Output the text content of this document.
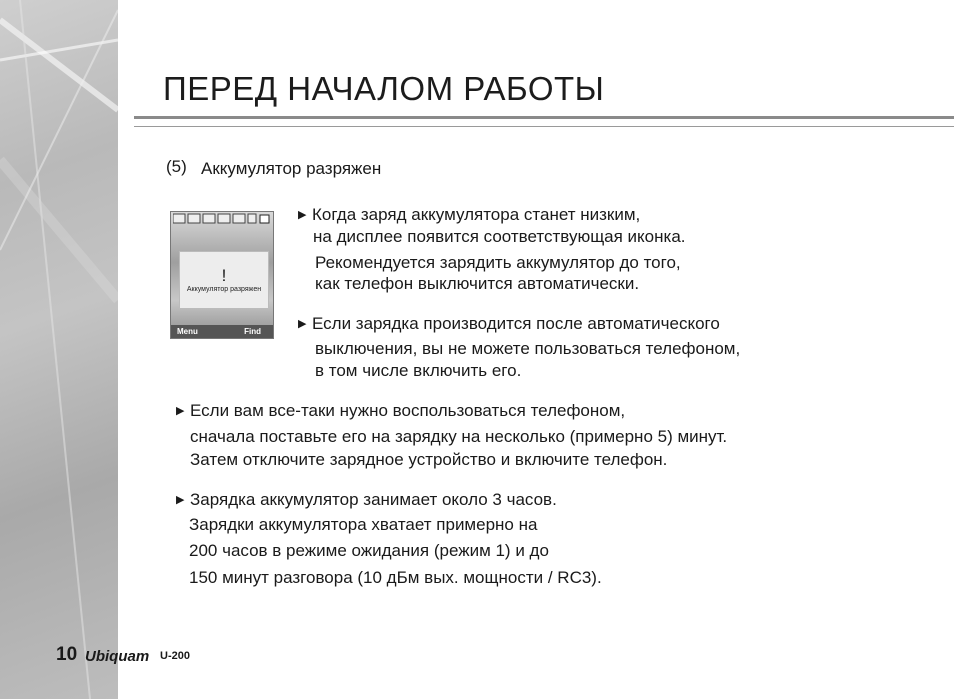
ПЕРЕД НАЧАЛОМ РАБОТЫ
(5) Аккумулятор разряжен
!
Аккумулятор разряжен
Menu	Find
▶ Когда заряд аккумулятора станет низким,
на дисплее появится соответствующая иконка.
Рекомендуется зарядить аккумулятор до того,
как телефон выключится автоматически.
▶ Если зарядка производится после автоматического
выключения, вы не можете пользоваться телефоном,
в том числе включить его.
▶ Если вам все-таки нужно воспользоваться телефоном,
сначала поставьте его на зарядку на несколько (примерно 5) минут.
Затем отключите зарядное устройство и включите телефон.
▶ Зарядка аккумулятор занимает около 3 часов.
Зарядки аккумулятора хватает примерно на
200 часов в режиме ожидания (режим 1) и до
150 минут разговора (10 дБм вых. мощности / RC3).
10 Ubiquam U-200
